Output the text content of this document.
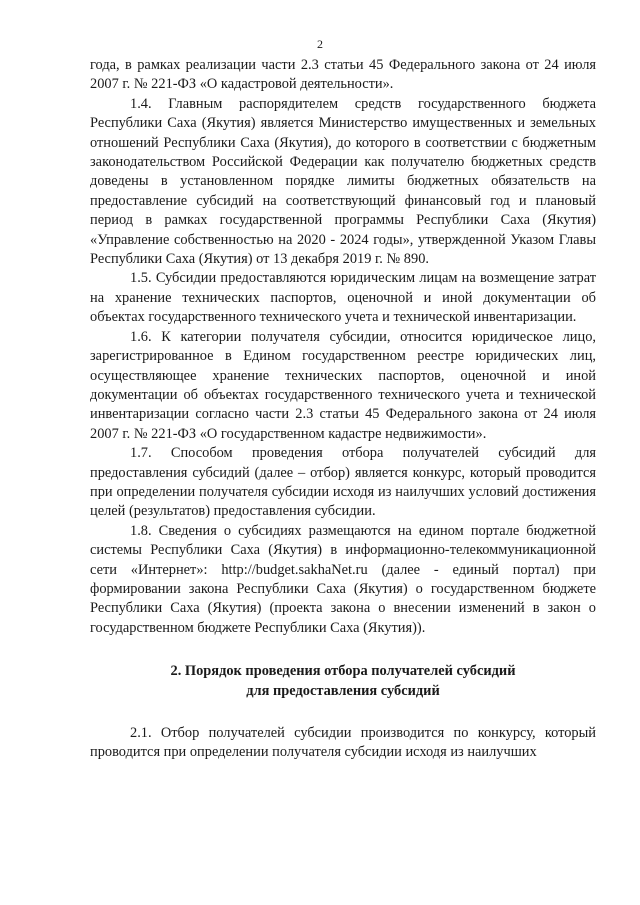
2

года, в рамках реализации части 2.3 статьи 45 Федерального закона от 24 июля 2007 г. № 221-ФЗ «О кадастровой деятельности».

1.4. Главным распорядителем средств государственного бюджета Республики Саха (Якутия) является Министерство имущественных и земельных отношений Республики Саха (Якутия), до которого в соответствии с бюджетным законодательством Российской Федерации как получателю бюджетных средств доведены в установленном порядке лимиты бюджетных обязательств на предоставление субсидий на соответствующий финансовый год и плановый период в рамках государственной программы Республики Саха (Якутия) «Управление собственностью на 2020 - 2024 годы», утвержденной Указом Главы Республики Саха (Якутия) от 13 декабря 2019 г. № 890.

1.5. Субсидии предоставляются юридическим лицам на возмещение затрат на хранение технических паспортов, оценочной и иной документации об объектах государственного технического учета и технической инвентаризации.

1.6. К категории получателя субсидии, относится юридическое лицо, зарегистрированное в Едином государственном реестре юридических лиц, осуществляющее хранение технических паспортов, оценочной и иной документации об объектах государственного технического учета и технической инвентаризации согласно части 2.3 статьи 45 Федерального закона от 24 июля 2007 г. № 221-ФЗ «О государственном кадастре недвижимости».

1.7. Способом проведения отбора получателей субсидий для предоставления субсидий (далее – отбор) является конкурс, который проводится при определении получателя субсидии исходя из наилучших условий достижения целей (результатов) предоставления субсидии.

1.8. Сведения о субсидиях размещаются на едином портале бюджетной системы Республики Саха (Якутия) в информационно-телекоммуникационной сети «Интернет»: http://budget.sakhaNet.ru (далее - единый портал) при формировании закона Республики Саха (Якутия) о государственном бюджете Республики Саха (Якутия) (проекта закона о внесении изменений в закон о государственном бюджете Республики Саха (Якутия)).

2. Порядок проведения отбора получателей субсидий
для предоставления субсидий

2.1. Отбор получателей субсидии производится по конкурсу, который проводится при определении получателя субсидии исходя из наилучших
